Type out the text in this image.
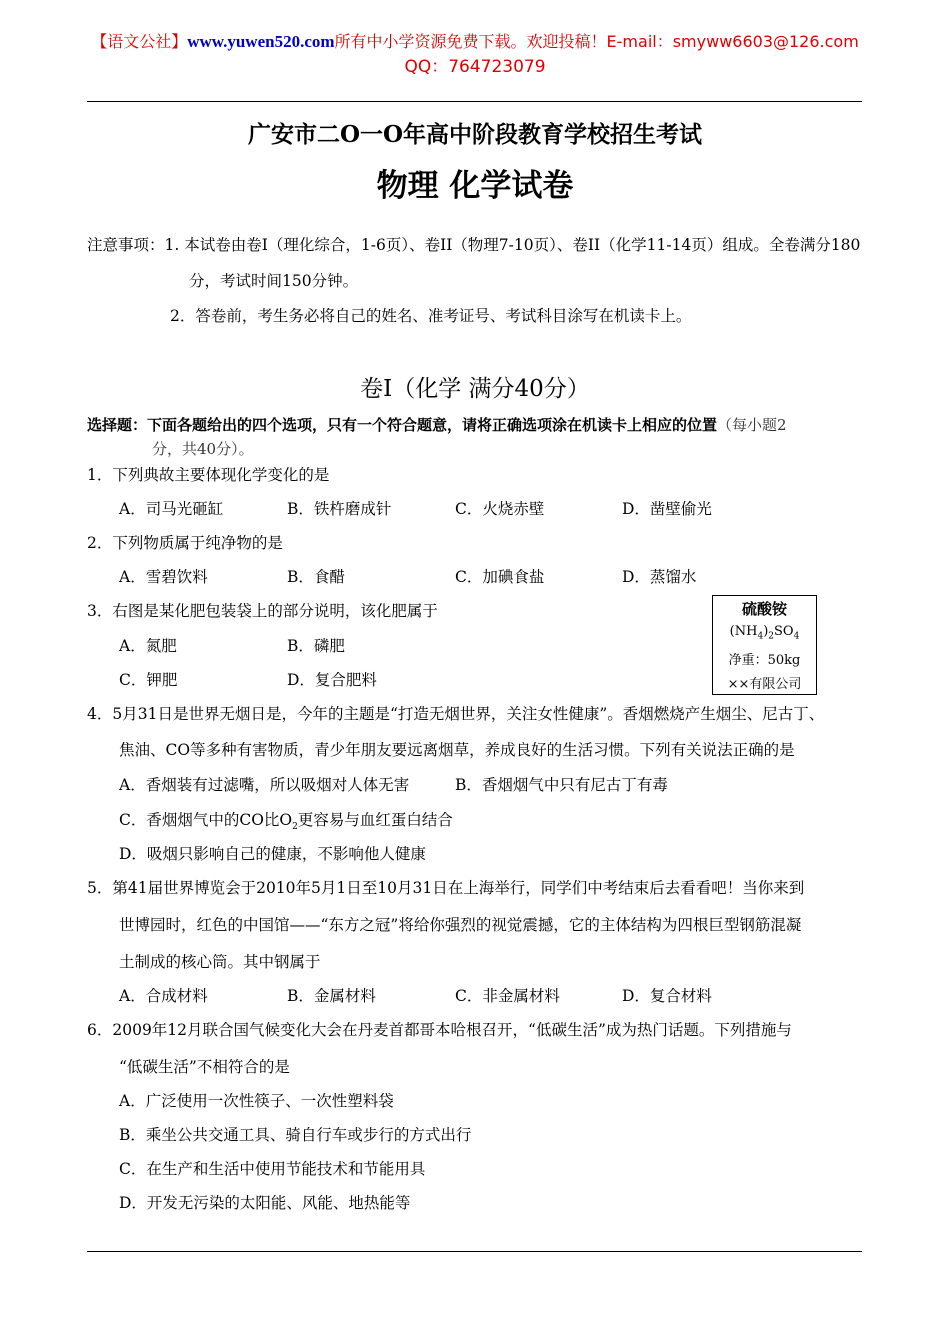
【语文公社】www.yuwen520.com所有中小学资源免费下载。欢迎投稿！E-mail：smyww6603@126.com
QQ：764723079
广安市二O一O年高中阶段教育学校招生考试
物理 化学试卷
注意事项：1. 本试卷由卷I（理化综合，1-6页）、卷II（物理7-10页）、卷II（化学11-14页）组成。全卷满分180
分，考试时间150分钟。
2．答卷前，考生务必将自己的姓名、准考证号、考试科目涂写在机读卡上。
卷I（化学 满分40分）
选择题：下面各题给出的四个选项，只有一个符合题意，请将正确选项涂在机读卡上相应的位置（每小题2
分，共40分）。
1．下列典故主要体现化学变化的是
A．司马光砸缸	B．铁杵磨成针	C．火烧赤壁	D．凿壁偷光
2．下列物质属于纯净物的是
A．雪碧饮料	B．食醋	C．加碘食盐	D．蒸馏水
3．右图是某化肥包装袋上的部分说明，该化肥属于
A．氮肥	B．磷肥
C．钾肥	D．复合肥料
硫酸铵
$(NH_4)_2SO_4$
净重：50kg
××有限公司
4．5月31日是世界无烟日是，今年的主题是“打造无烟世界，关注女性健康”。香烟燃烧产生烟尘、尼古丁、
焦油、CO等多种有害物质，青少年朋友要远离烟草，养成良好的生活习惯。下列有关说法正确的是
A．香烟装有过滤嘴，所以吸烟对人体无害	B．香烟烟气中只有尼古丁有毒
C．香烟烟气中的CO比$O_2$更容易与血红蛋白结合
D．吸烟只影响自己的健康，不影响他人健康
5．第41届世界博览会于2010年5月1日至10月31日在上海举行，同学们中考结束后去看看吧！当你来到
世博园时，红色的中国馆——“东方之冠”将给你强烈的视觉震撼，它的主体结构为四根巨型钢筋混凝
土制成的核心筒。其中钢属于
A．合成材料	B．金属材料	C．非金属材料	D．复合材料
6．2009年12月联合国气候变化大会在丹麦首都哥本哈根召开，“低碳生活”成为热门话题。下列措施与
“低碳生活”不相符合的是
A．广泛使用一次性筷子、一次性塑料袋
B．乘坐公共交通工具、骑自行车或步行的方式出行
C．在生产和生活中使用节能技术和节能用具
D．开发无污染的太阳能、风能、地热能等
